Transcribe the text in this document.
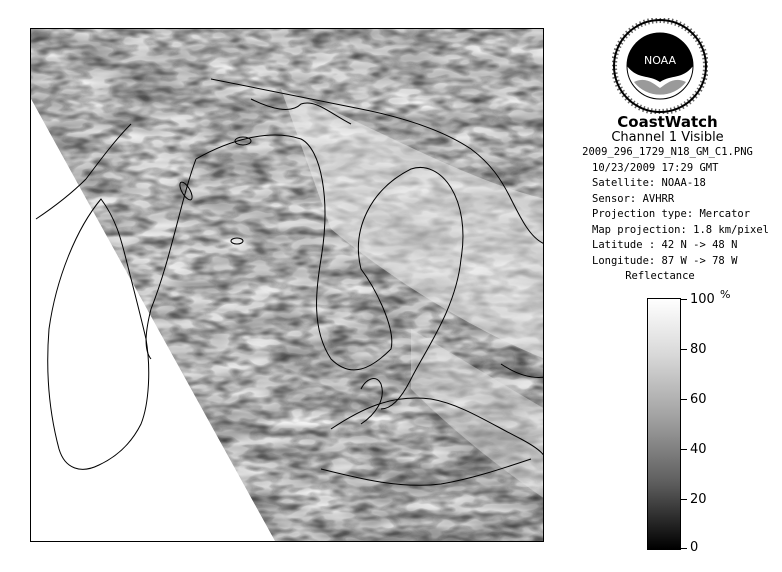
NOAA
CoastWatch
Channel 1 Visible
2009_296_1729_N18_GM_C1.PNG
10/23/2009 17:29 GMT
Satellite: NOAA-18
Sensor: AVHRR
Projection type: Mercator
Map projection: 1.8 km/pixel
Latitude : 42 N -> 48 N
Longitude: 87 W -> 78 W
Reflectance
%
100
80
60
40
20
0
